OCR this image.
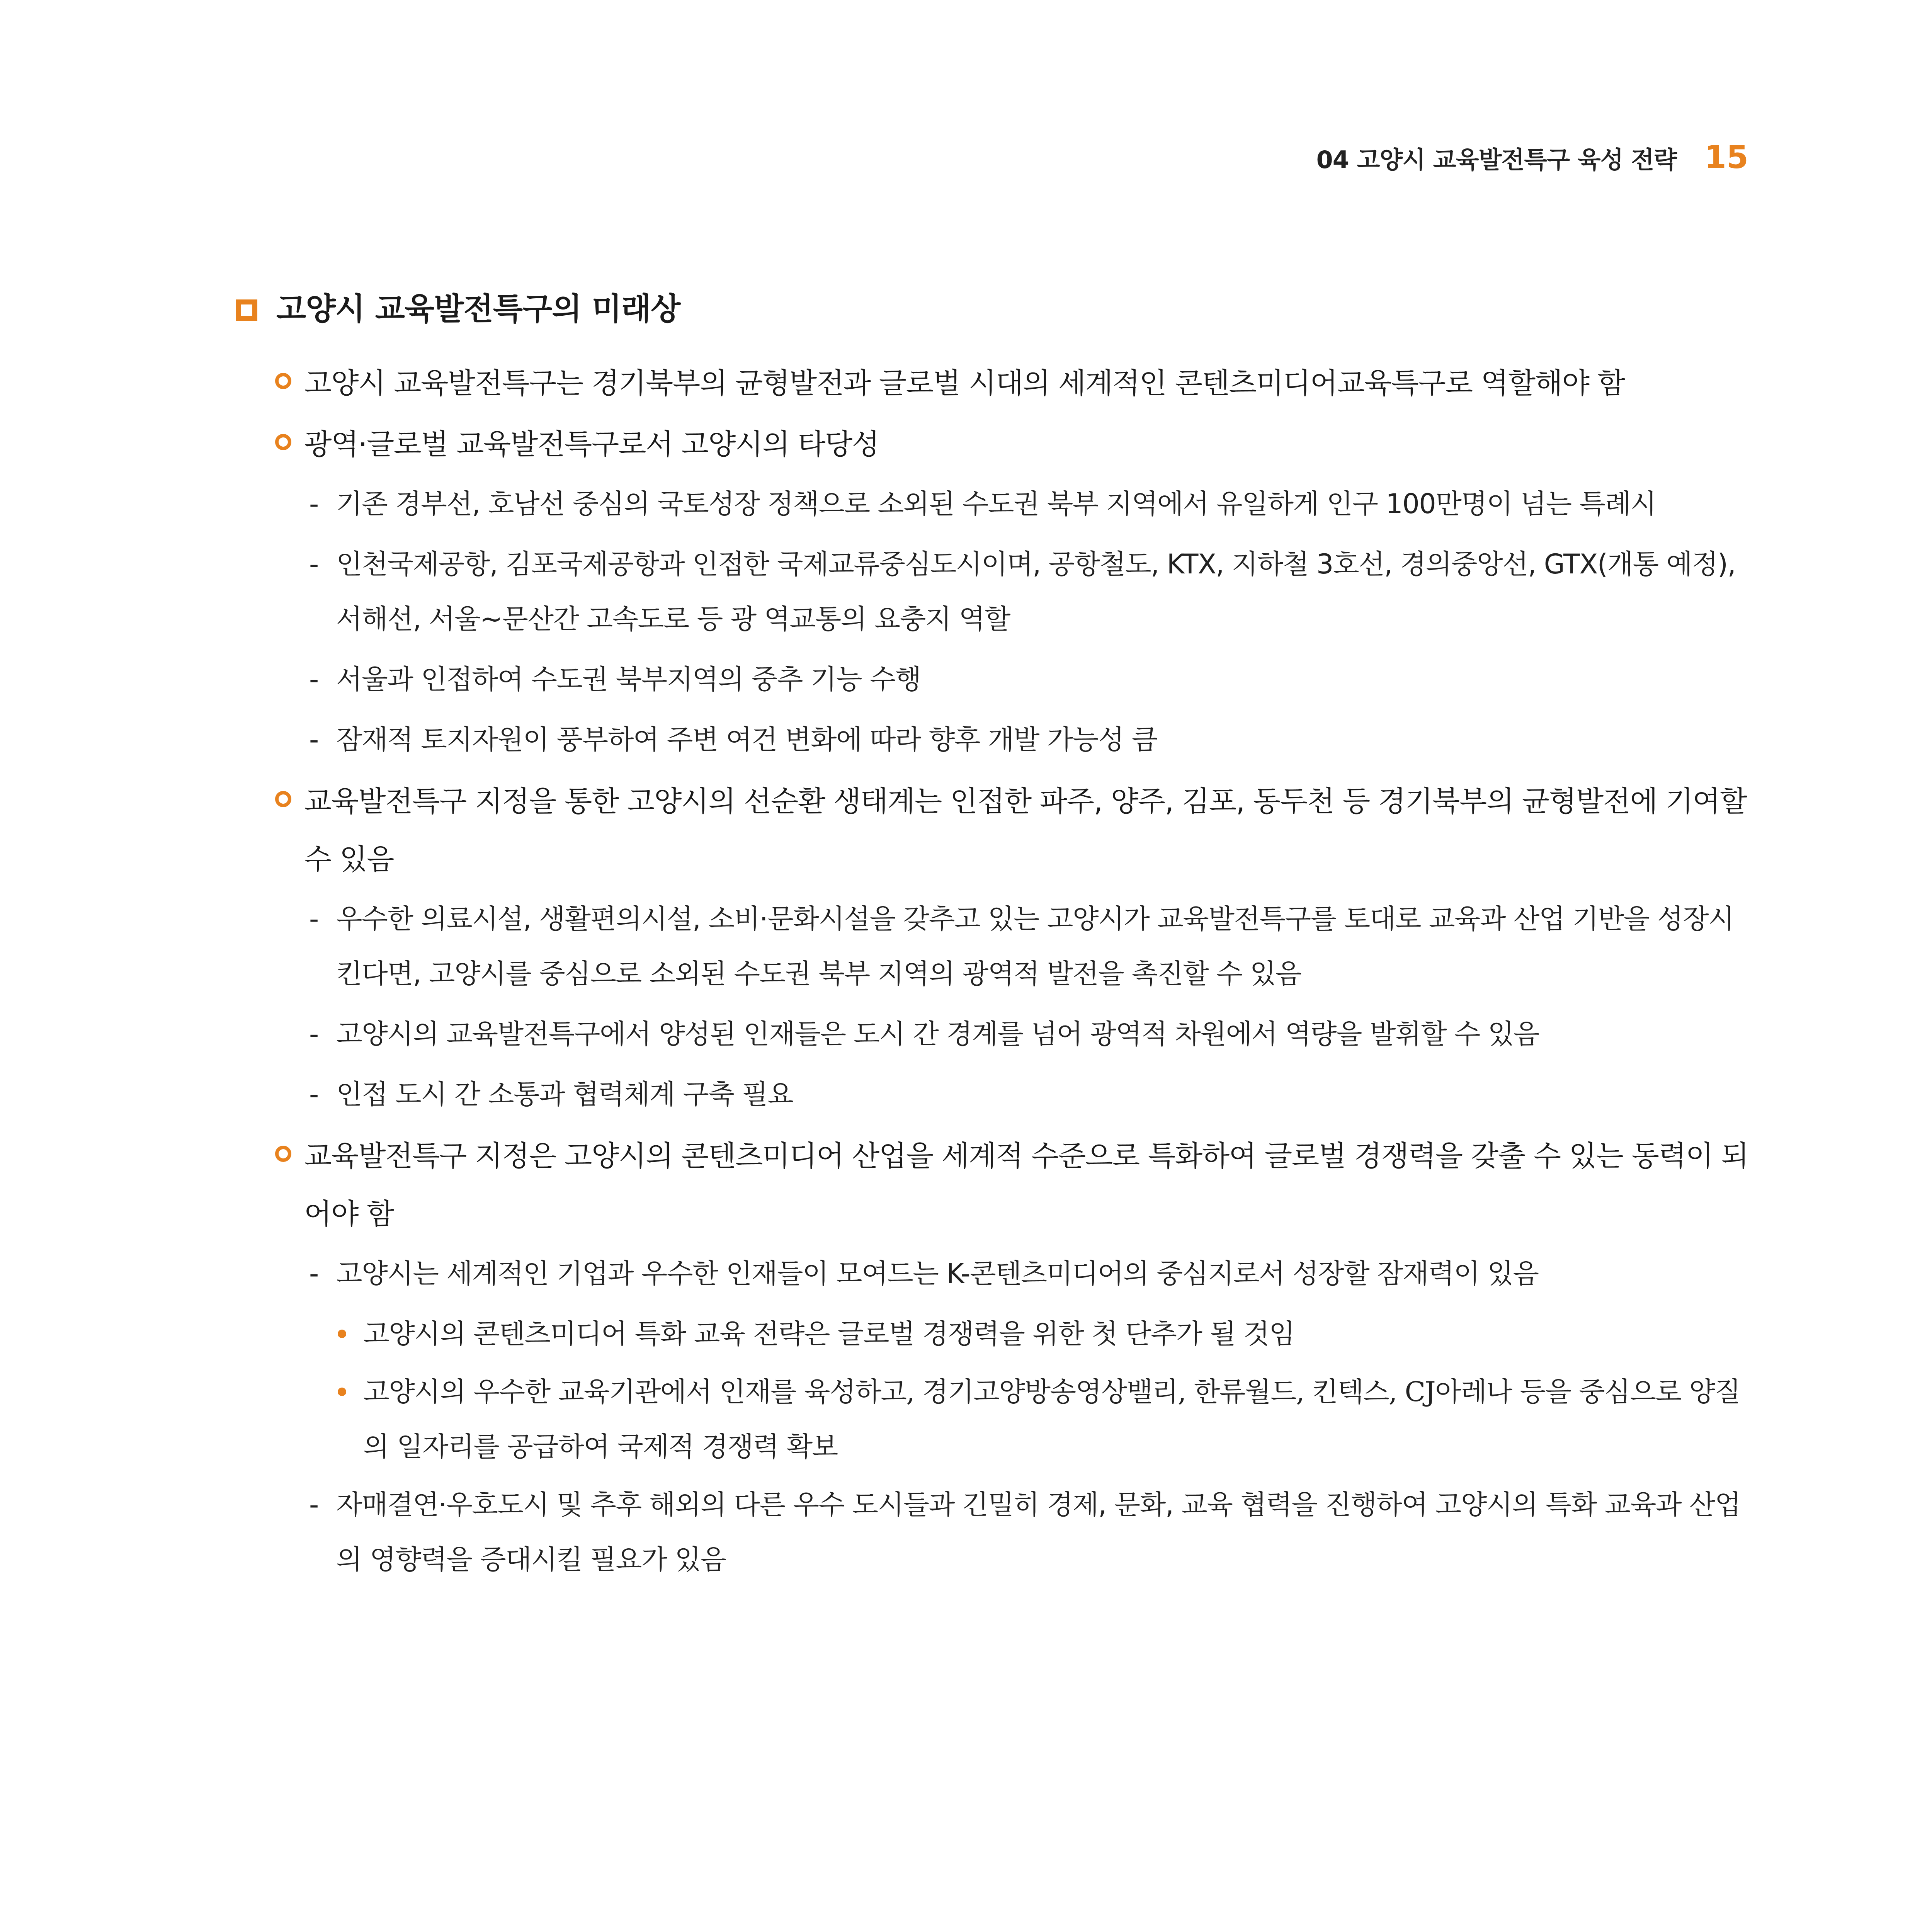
04 고양시 교육발전특구 육성 전략 15
고양시 교육발전특구의 미래상
고양시 교육발전특구는 경기북부의 균형발전과 글로벌 시대의 세계적인 콘텐츠미디어교육특구로 역할해야 함
광역·글로벌 교육발전특구로서 고양시의 타당성
- 기존 경부선, 호남선 중심의 국토성장 정책으로 소외된 수도권 북부 지역에서 유일하게 인구 100만명이 넘는 특례시
- 인천국제공항, 김포국제공항과 인접한 국제교류중심도시이며, 공항철도, KTX, 지하철 3호선, 경의중앙선, GTX(개통 예정), 서해선, 서울~문산간 고속도로 등 광 역교통의 요충지 역할
- 서울과 인접하여 수도권 북부지역의 중추 기능 수행
- 잠재적 토지자원이 풍부하여 주변 여건 변화에 따라 향후 개발 가능성 큼
교육발전특구 지정을 통한 고양시의 선순환 생태계는 인접한 파주, 양주, 김포, 동두천 등 경기북부의 균형발전에 기여할 수 있음
- 우수한 의료시설, 생활편의시설, 소비·문화시설을 갖추고 있는 고양시가 교육발전특구를 토대로 교육과 산업 기반을 성장시킨다면, 고양시를 중심으로 소외된 수도권 북부 지역의 광역적 발전을 촉진할 수 있음
- 고양시의 교육발전특구에서 양성된 인재들은 도시 간 경계를 넘어 광역적 차원에서 역량을 발휘할 수 있음
- 인접 도시 간 소통과 협력체계 구축 필요
교육발전특구 지정은 고양시의 콘텐츠미디어 산업을 세계적 수준으로 특화하여 글로벌 경쟁력을 갖출 수 있는 동력이 되어야 함
- 고양시는 세계적인 기업과 우수한 인재들이 모여드는 K-콘텐츠미디어의 중심지로서 성장할 잠재력이 있음
고양시의 콘텐츠미디어 특화 교육 전략은 글로벌 경쟁력을 위한 첫 단추가 될 것임
고양시의 우수한 교육기관에서 인재를 육성하고, 경기고양방송영상밸리, 한류월드, 킨텍스, CJ아레나 등을 중심으로 양질의 일자리를 공급하여 국제적 경쟁력 확보
- 자매결연·우호도시 및 추후 해외의 다른 우수 도시들과 긴밀히 경제, 문화, 교육 협력을 진행하여 고양시의 특화 교육과 산업의 영향력을 증대시킬 필요가 있음
